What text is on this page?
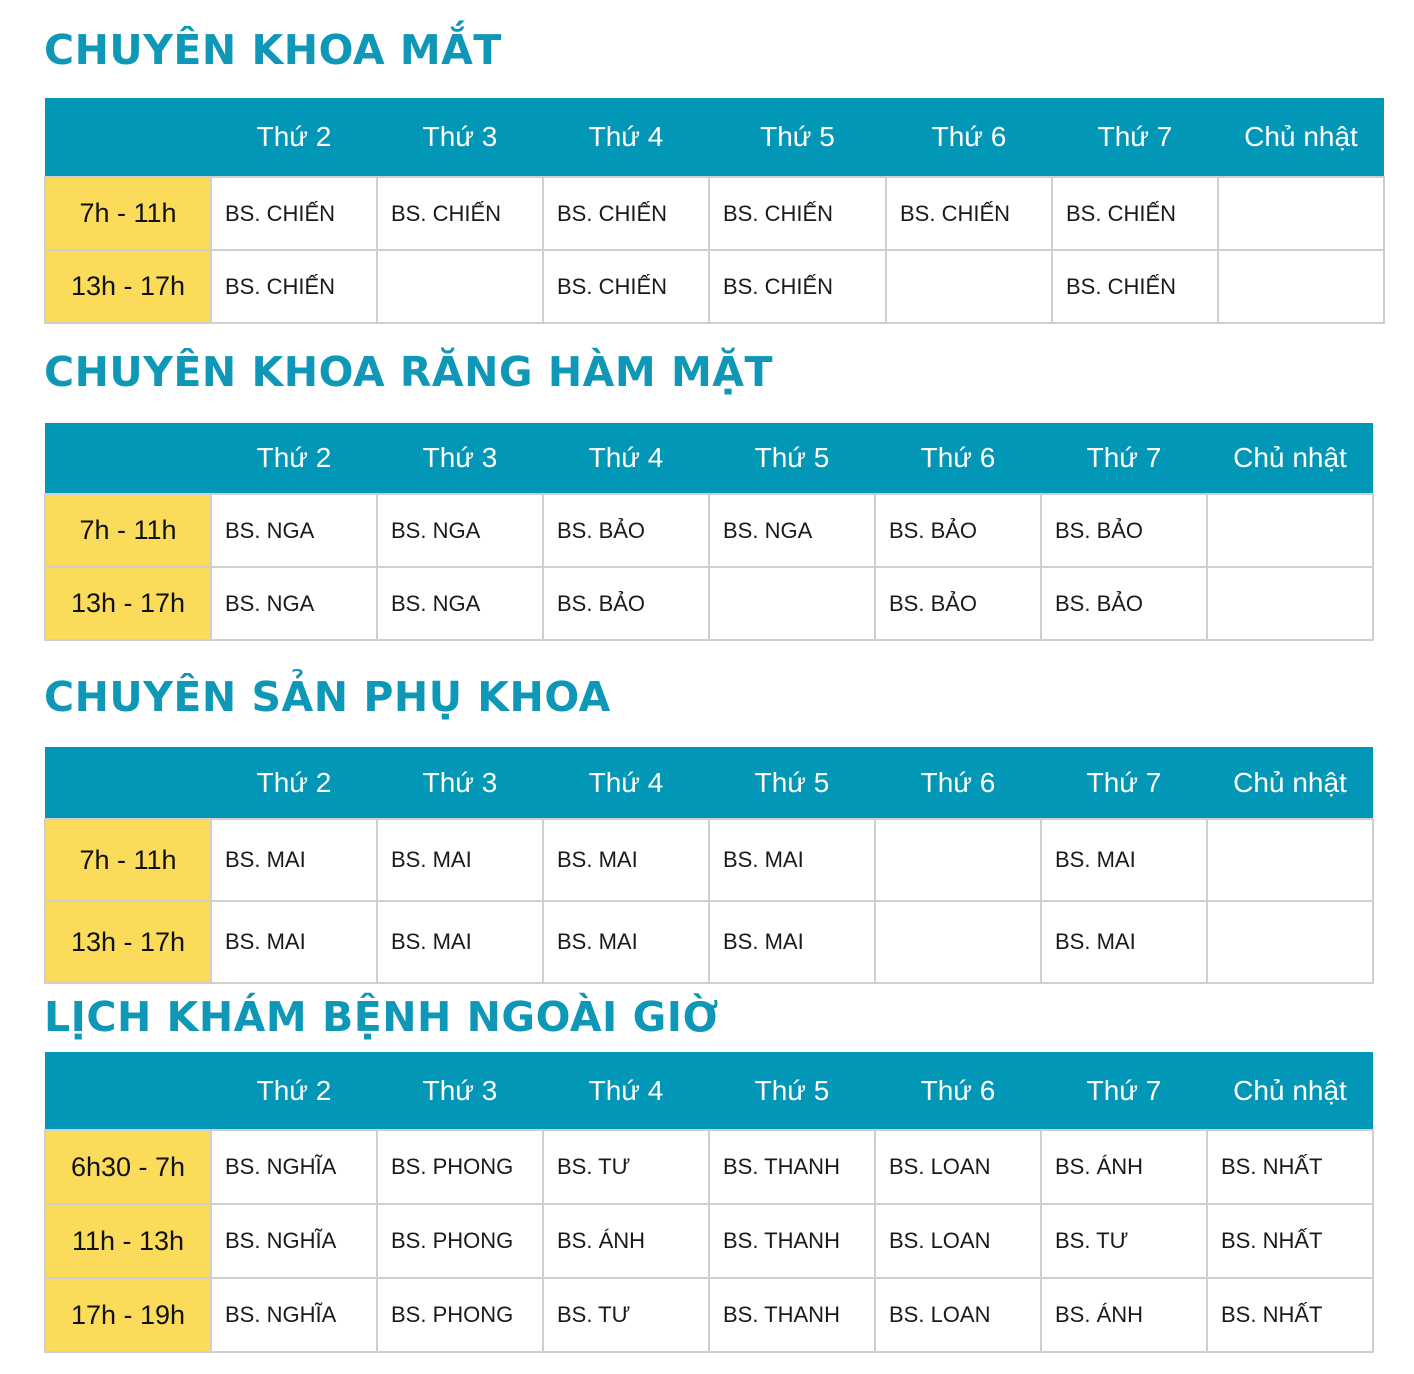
CHUYÊN KHOA MẮT
	Thứ 2	Thứ 3	Thứ 4	Thứ 5	Thứ 6	Thứ 7	Chủ nhật
7h - 11h	BS. CHIẾN	BS. CHIẾN	BS. CHIẾN	BS. CHIẾN	BS. CHIẾN	BS. CHIẾN	
13h - 17h	BS. CHIẾN		BS. CHIẾN	BS. CHIẾN		BS. CHIẾN	
CHUYÊN KHOA RĂNG HÀM MẶT
	Thứ 2	Thứ 3	Thứ 4	Thứ 5	Thứ 6	Thứ 7	Chủ nhật
7h - 11h	BS. NGA	BS. NGA	BS. BẢO	BS. NGA	BS. BẢO	BS. BẢO	
13h - 17h	BS. NGA	BS. NGA	BS. BẢO		BS. BẢO	BS. BẢO	
CHUYÊN SẢN PHỤ KHOA
	Thứ 2	Thứ 3	Thứ 4	Thứ 5	Thứ 6	Thứ 7	Chủ nhật
7h - 11h	BS. MAI	BS. MAI	BS. MAI	BS. MAI		BS. MAI	
13h - 17h	BS. MAI	BS. MAI	BS. MAI	BS. MAI		BS. MAI	
LỊCH KHÁM BỆNH NGOÀI GIỜ
	Thứ 2	Thứ 3	Thứ 4	Thứ 5	Thứ 6	Thứ 7	Chủ nhật
6h30 - 7h	BS. NGHĨA	BS. PHONG	BS. TƯ	BS. THANH	BS. LOAN	BS. ÁNH	BS. NHẤT
11h - 13h	BS. NGHĨA	BS. PHONG	BS. ÁNH	BS. THANH	BS. LOAN	BS. TƯ	BS. NHẤT
17h - 19h	BS. NGHĨA	BS. PHONG	BS. TƯ	BS. THANH	BS. LOAN	BS. ÁNH	BS. NHẤT
